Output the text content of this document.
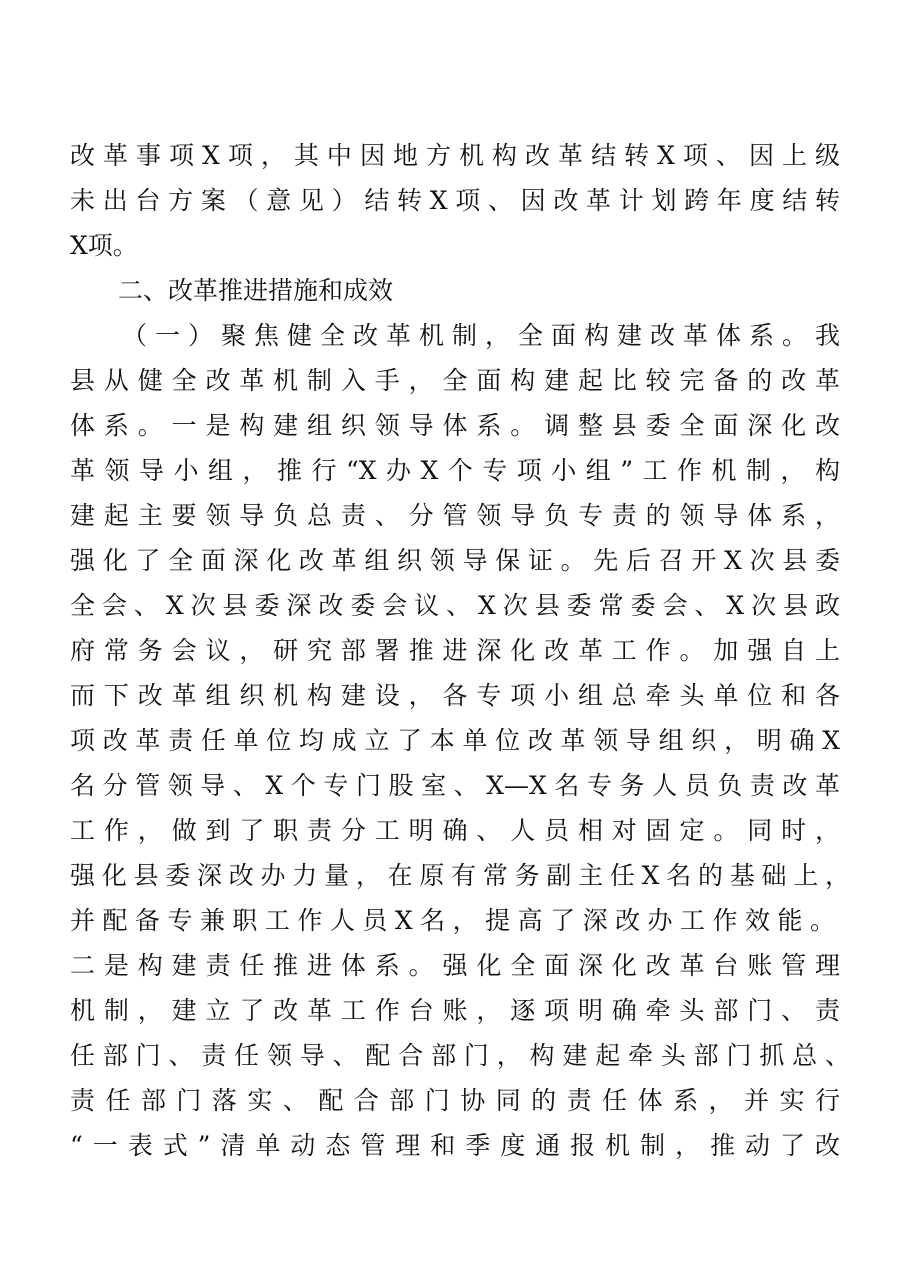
改革事项X项，其中因地方机构改革结转X项、因上级
未出台方案（意见）结转X项、因改革计划跨年度结转
X项。
二、改革推进措施和成效
（一）聚焦健全改革机制，全面构建改革体系。我
县从健全改革机制入手，全面构建起比较完备的改革
体系。一是构建组织领导体系。调整县委全面深化改
革领导小组，推行“X办X个专项小组”工作机制，构
建起主要领导负总责、分管领导负专责的领导体系，
强化了全面深化改革组织领导保证。先后召开X次县委
全会、X次县委深改委会议、X次县委常委会、X次县政
府常务会议，研究部署推进深化改革工作。加强自上
而下改革组织机构建设，各专项小组总牵头单位和各
项改革责任单位均成立了本单位改革领导组织，明确X
名分管领导、X个专门股室、X—X名专务人员负责改革
工作，做到了职责分工明确、人员相对固定。同时，
强化县委深改办力量，在原有常务副主任X名的基础上，
并配备专兼职工作人员X名，提高了深改办工作效能。
二是构建责任推进体系。强化全面深化改革台账管理
机制，建立了改革工作台账，逐项明确牵头部门、责
任部门、责任领导、配合部门，构建起牵头部门抓总、
责任部门落实、配合部门协同的责任体系，并实行
“一表式”清单动态管理和季度通报机制，推动了改
